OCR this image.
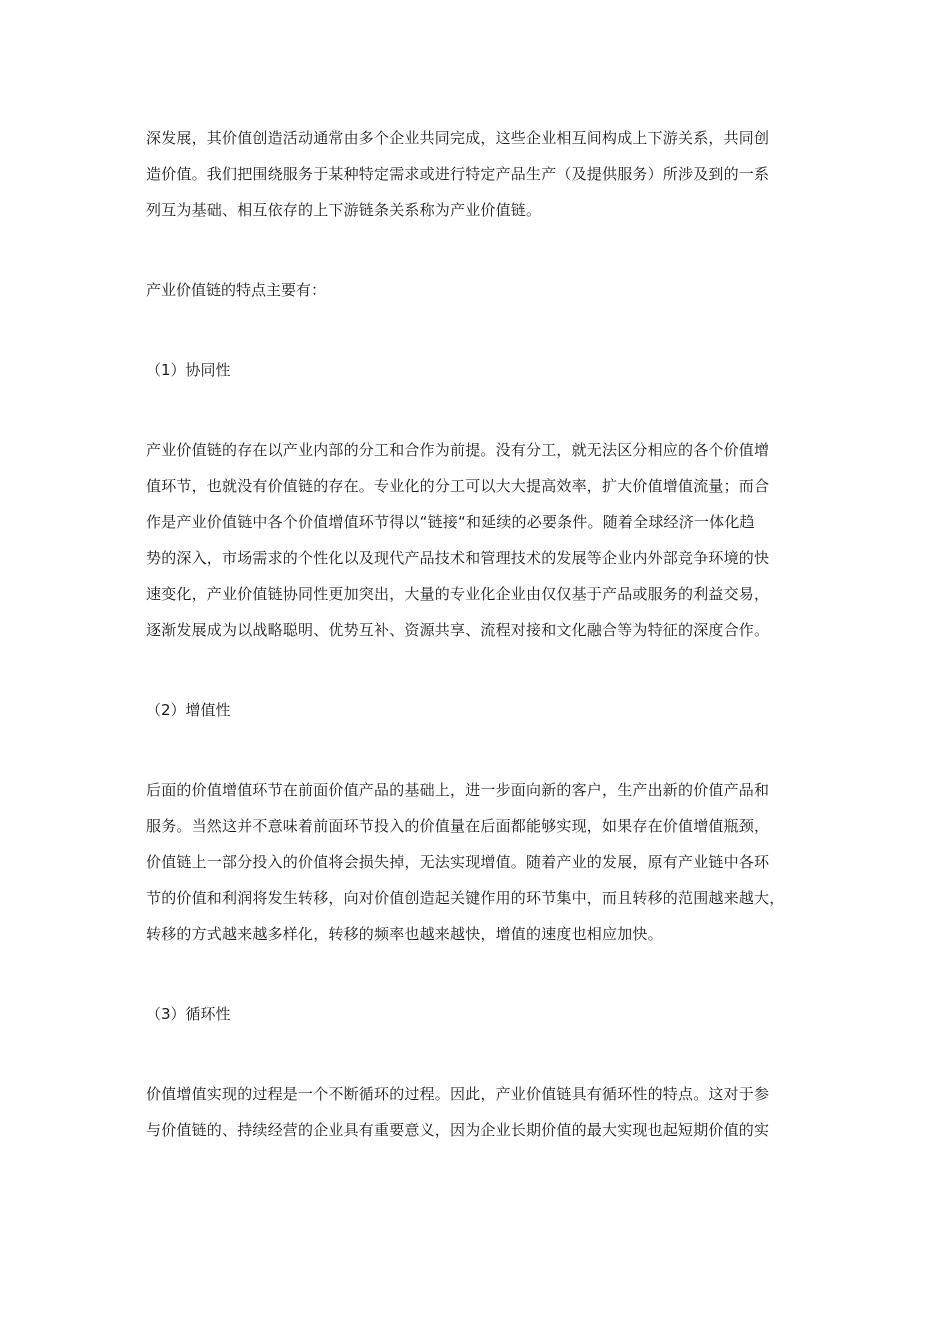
深发展，其价值创造活动通常由多个企业共同完成，这些企业相互间构成上下游关系，共同创
造价值。我们把围绕服务于某种特定需求或进行特定产品生产（及提供服务）所涉及到的一系
列互为基础、相互依存的上下游链条关系称为产业价值链。

产业价值链的特点主要有：

（1）协同性

产业价值链的存在以产业内部的分工和合作为前提。没有分工，就无法区分相应的各个价值增
值环节，也就没有价值链的存在。专业化的分工可以大大提高效率，扩大价值增值流量；而合
作是产业价值链中各个价值增值环节得以“链接“和延续的必要条件。随着全球经济一体化趋
势的深入，市场需求的个性化以及现代产品技术和管理技术的发展等企业内外部竞争环境的快
速变化，产业价值链协同性更加突出，大量的专业化企业由仅仅基于产品或服务的利益交易，
逐渐发展成为以战略聪明、优势互补、资源共享、流程对接和文化融合等为特征的深度合作。

（2）增值性

后面的价值增值环节在前面价值产品的基础上，进一步面向新的客户，生产出新的价值产品和
服务。当然这并不意味着前面环节投入的价值量在后面都能够实现，如果存在价值增值瓶颈，
价值链上一部分投入的价值将会损失掉，无法实现增值。随着产业的发展，原有产业链中各环
节的价值和利润将发生转移，向对价值创造起关键作用的环节集中，而且转移的范围越来越大，
转移的方式越来越多样化，转移的频率也越来越快，增值的速度也相应加快。

（3）循环性

价值增值实现的过程是一个不断循环的过程。因此，产业价值链具有循环性的特点。这对于参
与价值链的、持续经营的企业具有重要意义，因为企业长期价值的最大实现也起短期价值的实
